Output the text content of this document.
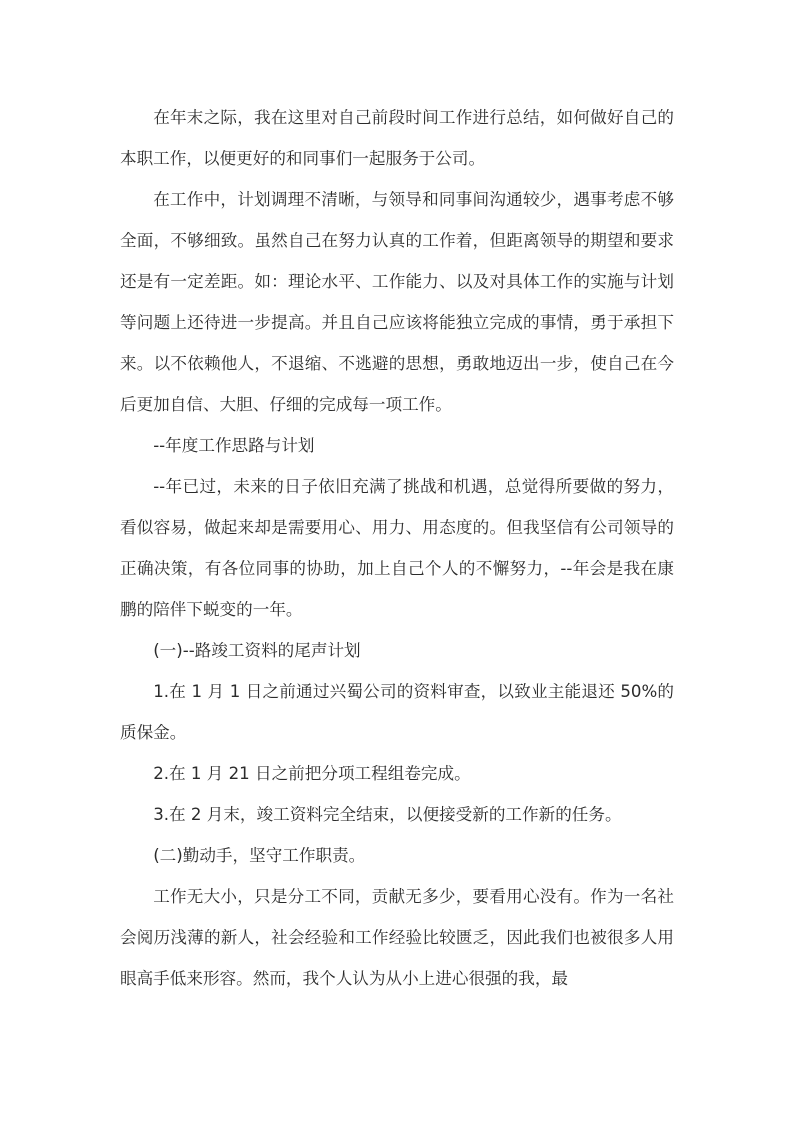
在年末之际，我在这里对自己前段时间工作进行总结，如何做好自己的本职工作，以便更好的和同事们一起服务于公司。

在工作中，计划调理不清晰，与领导和同事间沟通较少，遇事考虑不够全面，不够细致。虽然自己在努力认真的工作着，但距离领导的期望和要求还是有一定差距。如：理论水平、工作能力、以及对具体工作的实施与计划等问题上还待进一步提高。并且自己应该将能独立完成的事情，勇于承担下来。以不依赖他人，不退缩、不逃避的思想，勇敢地迈出一步，使自己在今后更加自信、大胆、仔细的完成每一项工作。

--年度工作思路与计划

--年已过，未来的日子依旧充满了挑战和机遇，总觉得所要做的努力，看似容易，做起来却是需要用心、用力、用态度的。但我坚信有公司领导的正确决策，有各位同事的协助，加上自己个人的不懈努力，--年会是我在康鹏的陪伴下蜕变的一年。

(一)--路竣工资料的尾声计划

1.在 1 月 1 日之前通过兴蜀公司的资料审查，以致业主能退还 50%的质保金。

2.在 1 月 21 日之前把分项工程组卷完成。

3.在 2 月末，竣工资料完全结束，以便接受新的工作新的任务。

(二)勤动手，坚守工作职责。

工作无大小，只是分工不同，贡献无多少，要看用心没有。作为一名社会阅历浅薄的新人，社会经验和工作经验比较匮乏，因此我们也被很多人用眼高手低来形容。然而，我个人认为从小上进心很强的我，最
